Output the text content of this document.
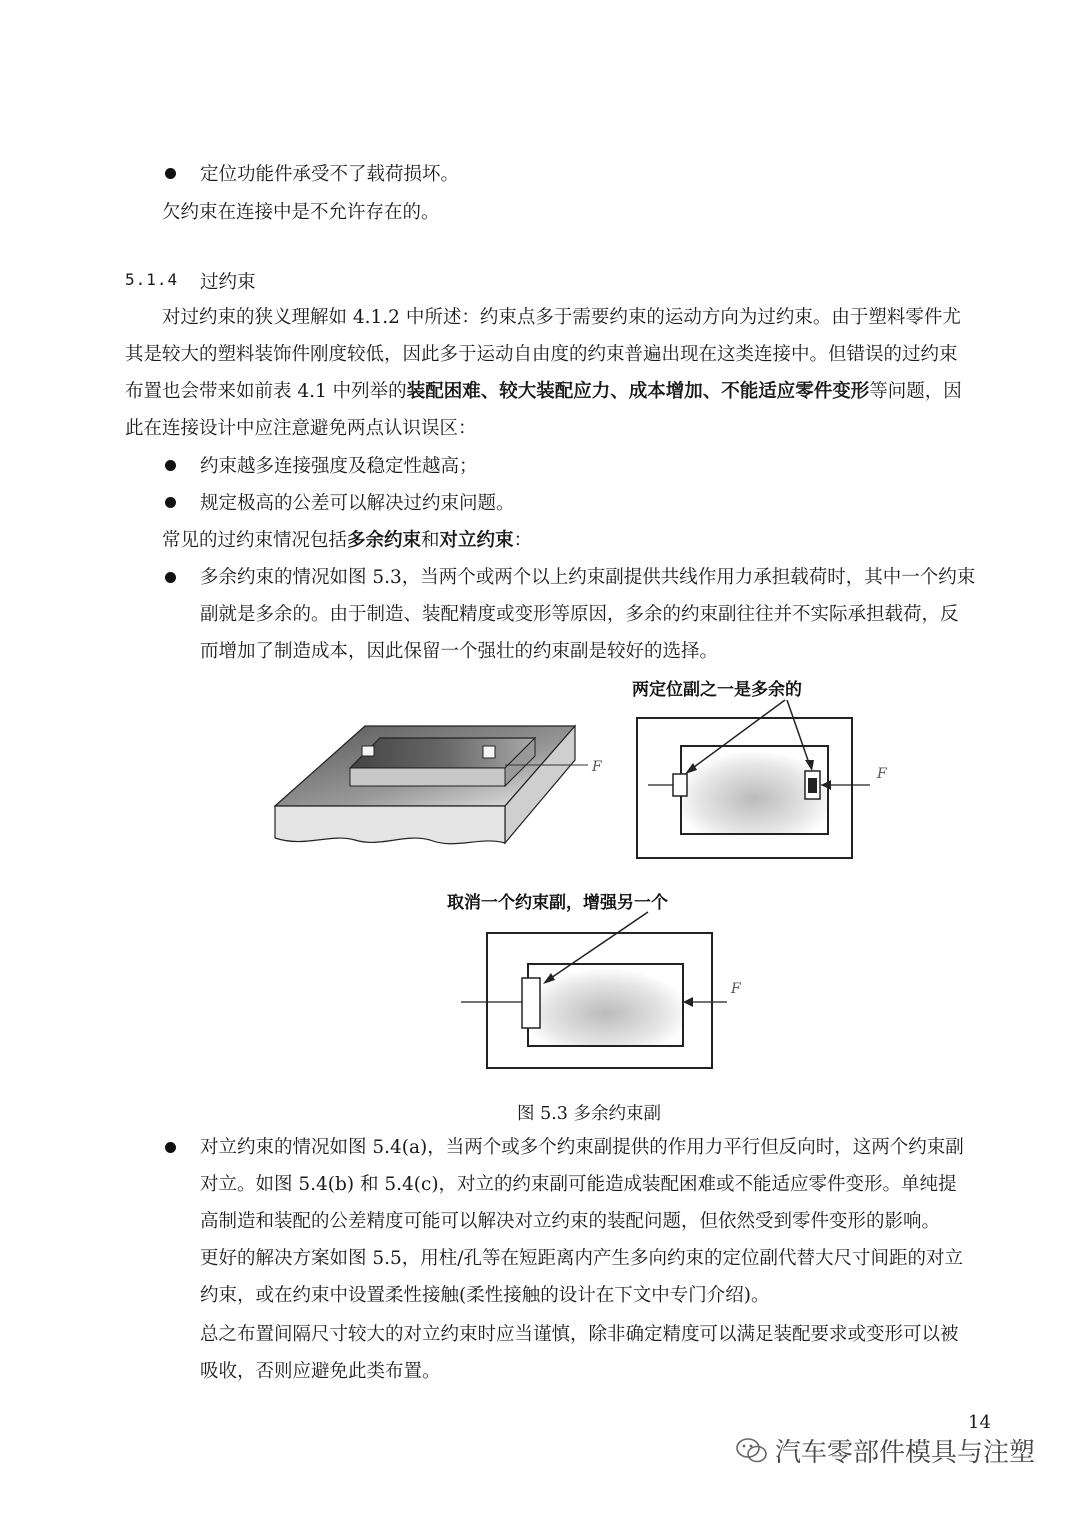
定位功能件承受不了载荷损坏。
欠约束在连接中是不允许存在的。
5.1.4 过约束
对过约束的狭义理解如 4.1.2 中所述：约束点多于需要约束的运动方向为过约束。由于塑料零件尤
其是较大的塑料装饰件刚度较低，因此多于运动自由度的约束普遍出现在这类连接中。但错误的过约束
布置也会带来如前表 4.1 中列举的装配困难、较大装配应力、成本增加、不能适应零件变形等问题，因
此在连接设计中应注意避免两点认识误区：
约束越多连接强度及稳定性越高；
规定极高的公差可以解决过约束问题。
常见的过约束情况包括多余约束和对立约束：
多余约束的情况如图 5.3，当两个或两个以上约束副提供共线作用力承担载荷时，其中一个约束
副就是多余的。由于制造、装配精度或变形等原因，多余的约束副往往并不实际承担载荷，反
而增加了制造成本，因此保留一个强壮的约束副是较好的选择。
F
两定位副之一是多余的
F
取消一个约束副，增强另一个
F
图 5.3 多余约束副
对立约束的情况如图 5.4(a)，当两个或多个约束副提供的作用力平行但反向时，这两个约束副
对立。如图 5.4(b) 和 5.4(c)，对立的约束副可能造成装配困难或不能适应零件变形。单纯提
高制造和装配的公差精度可能可以解决对立约束的装配问题，但依然受到零件变形的影响。
更好的解决方案如图 5.5，用柱/孔等在短距离内产生多向约束的定位副代替大尺寸间距的对立
约束，或在约束中设置柔性接触(柔性接触的设计在下文中专门介绍)。
总之布置间隔尺寸较大的对立约束时应当谨慎，除非确定精度可以满足装配要求或变形可以被
吸收，否则应避免此类布置。
14
汽车零部件模具与注塑
